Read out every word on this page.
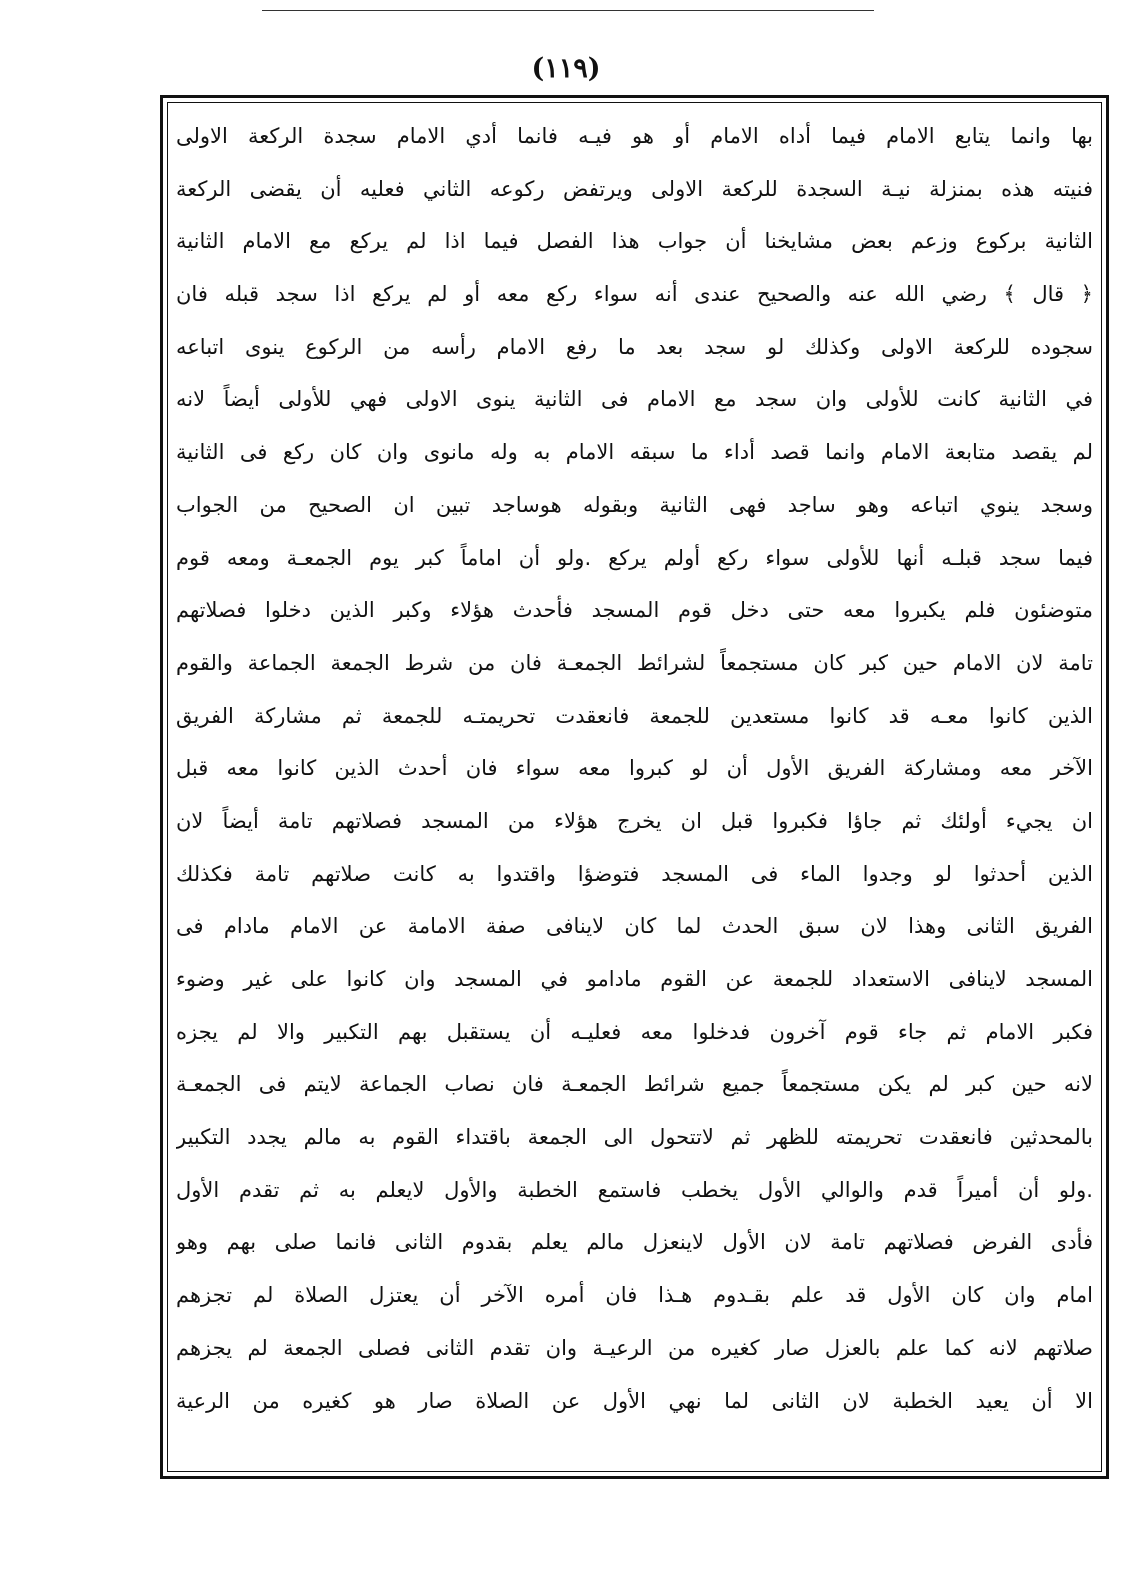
(١١٩)
بها وانما يتابع الامام فيما أداه الامام أو هو فيـه فانما أدي الامام سجدة الركعة الاولى
فنيته هذه بمنزلة نيـة السجدة للركعة الاولى ويرتفض ركوعه الثاني فعليه أن يقضى الركعة
الثانية بركوع وزعم بعض مشايخنا أن جواب هذا الفصل فيما اذا لم يركع مع الامام الثانية
﴿ قال ﴾ رضي الله عنه والصحيح عندى أنه سواء ركع معه أو لم يركع اذا سجد قبله فان
سجوده للركعة الاولى وكذلك لو سجد بعد ما رفع الامام رأسه من الركوع ينوى اتباعه
في الثانية كانت للأولى وان سجد مع الامام فى الثانية ينوى الاولى فهي للأولى أيضاً لانه
لم يقصد متابعة الامام وانما قصد أداء ما سبقه الامام به وله مانوى وان كان ركع فى الثانية
وسجد ينوي اتباعه وهو ساجد فهى الثانية وبقوله هوساجد تبين ان الصحيح من الجواب
فيما سجد قبلـه أنها للأولى سواء ركع أولم يركع .ولو أن اماماً كبر يوم الجمعـة ومعه قوم
متوضئون فلم يكبروا معه حتى دخل قوم المسجد فأحدث هؤلاء وكبر الذين دخلوا فصلاتهم
تامة لان الامام حين كبر كان مستجمعاً لشرائط الجمعـة فان من شرط الجمعة الجماعة والقوم
الذين كانوا معـه قد كانوا مستعدين للجمعة فانعقدت تحريمتـه للجمعة ثم مشاركة الفريق
الآخر معه ومشاركة الفريق الأول أن لو كبروا معه سواء فان أحدث الذين كانوا معه قبل
ان يجيء أولئك ثم جاؤا فكبروا قبل ان يخرج هؤلاء من المسجد فصلاتهم تامة أيضاً لان
الذين أحدثوا لو وجدوا الماء فى المسجد فتوضؤا واقتدوا به كانت صلاتهم تامة فكذلك
الفريق الثانى وهذا لان سبق الحدث لما كان لاينافى صفة الامامة عن الامام مادام فى
المسجد لاينافى الاستعداد للجمعة عن القوم مادامو في المسجد وان كانوا على غير وضوء
فكبر الامام ثم جاء قوم آخرون فدخلوا معه فعليـه أن يستقبل بهم التكبير والا لم يجزه
لانه حين كبر لم يكن مستجمعاً جميع شرائط الجمعـة فان نصاب الجماعة لايتم فى الجمعـة
بالمحدثين فانعقدت تحريمته للظهر ثم لاتتحول الى الجمعة باقتداء القوم به مالم يجدد التكبير
.ولو أن أميراً قدم والوالي الأول يخطب فاستمع الخطبة والأول لايعلم به ثم تقدم الأول
فأدى الفرض فصلاتهم تامة لان الأول لاينعزل مالم يعلم بقدوم الثانى فانما صلى بهم وهو
امام وان كان الأول قد علم بقـدوم هـذا فان أمره الآخر أن يعتزل الصلاة لم تجزهم
صلاتهم لانه كما علم بالعزل صار كغيره من الرعيـة وان تقدم الثانى فصلى الجمعة لم يجزهم
الا أن يعيد الخطبة لان الثانى لما نهي الأول عن الصلاة صار هو كغيره من الرعية
